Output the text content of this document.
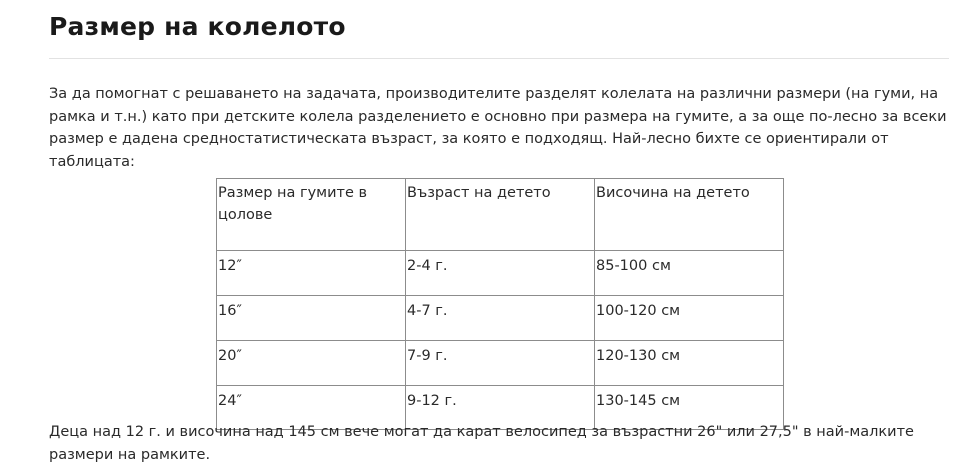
Размер на колелото

За да помогнат с решаването на задачата, производителите разделят колелата на различни размери (на гуми, на рамка и т.н.) като при детските колела разделението е основно при размера на гумите, а за още по-лесно за всеки размер е дадена средностатистическата възраст, за която е подходящ. Най-лесно бихте се ориентирали от таблицата:

Размер на гумите в цолове	Възраст на детето	Височина на детето
12″	2-4 г.	85-100 см
16″	4-7 г.	100-120 см
20″	7-9 г.	120-130 см
24″	9-12 г.	130-145 см

Деца над 12 г. и височина над 145 см вече могат да карат велосипед за възрастни 26" или 27,5" в най-малките размери на рамките.
